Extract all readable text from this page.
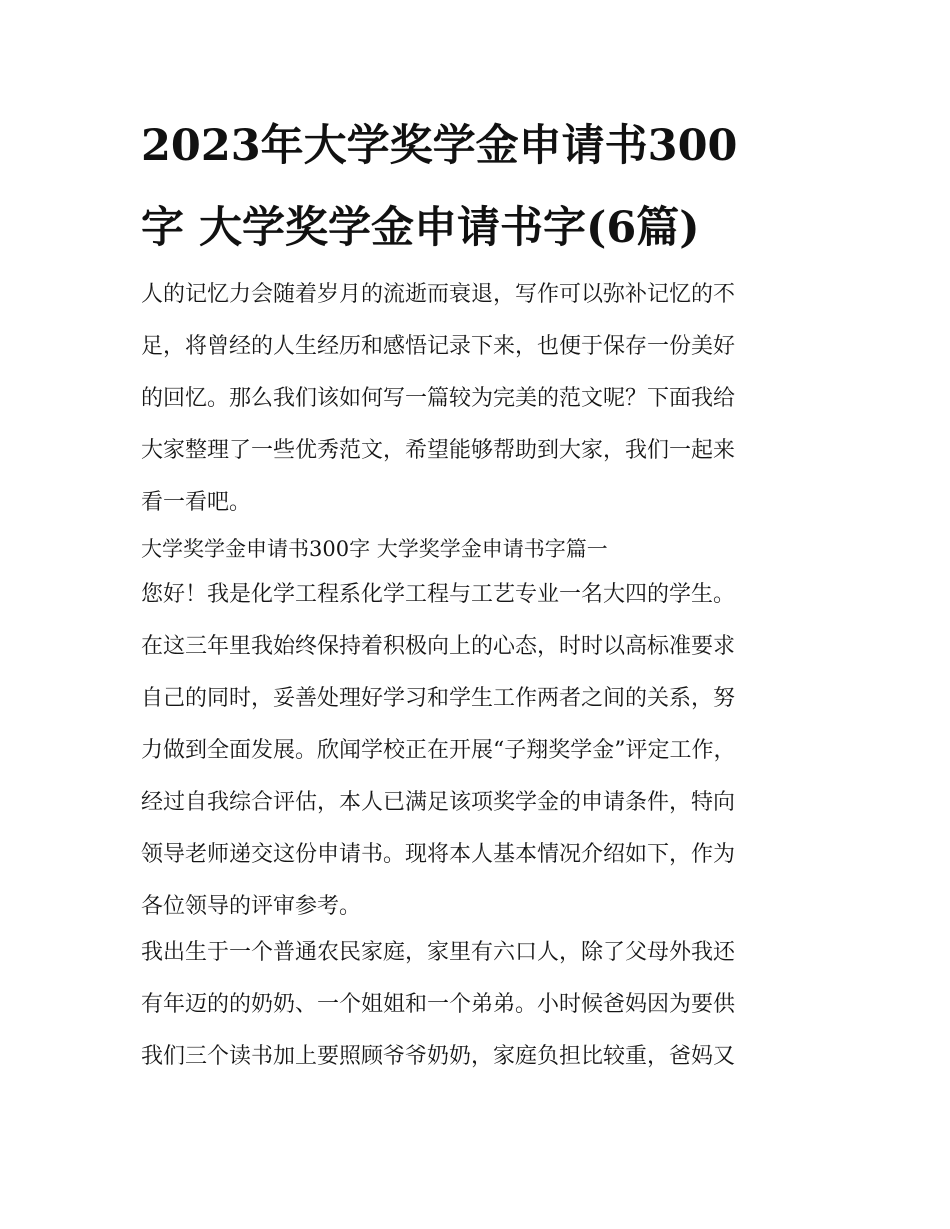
2023年大学奖学金申请书300
字 大学奖学金申请书字(6篇)
人的记忆力会随着岁月的流逝而衰退，写作可以弥补记忆的不
足，将曾经的人生经历和感悟记录下来，也便于保存一份美好
的回忆。那么我们该如何写一篇较为完美的范文呢？下面我给
大家整理了一些优秀范文，希望能够帮助到大家，我们一起来
看一看吧。
大学奖学金申请书300字 大学奖学金申请书字篇一
您好！我是化学工程系化学工程与工艺专业一名大四的学生。
在这三年里我始终保持着积极向上的心态，时时以高标准要求
自己的同时，妥善处理好学习和学生工作两者之间的关系，努
力做到全面发展。欣闻学校正在开展“子翔奖学金”评定工作，
经过自我综合评估，本人已满足该项奖学金的申请条件，特向
领导老师递交这份申请书。现将本人基本情况介绍如下，作为
各位领导的评审参考。
我出生于一个普通农民家庭，家里有六口人，除了父母外我还
有年迈的的奶奶、一个姐姐和一个弟弟。小时候爸妈因为要供
我们三个读书加上要照顾爷爷奶奶，家庭负担比较重，爸妈又
